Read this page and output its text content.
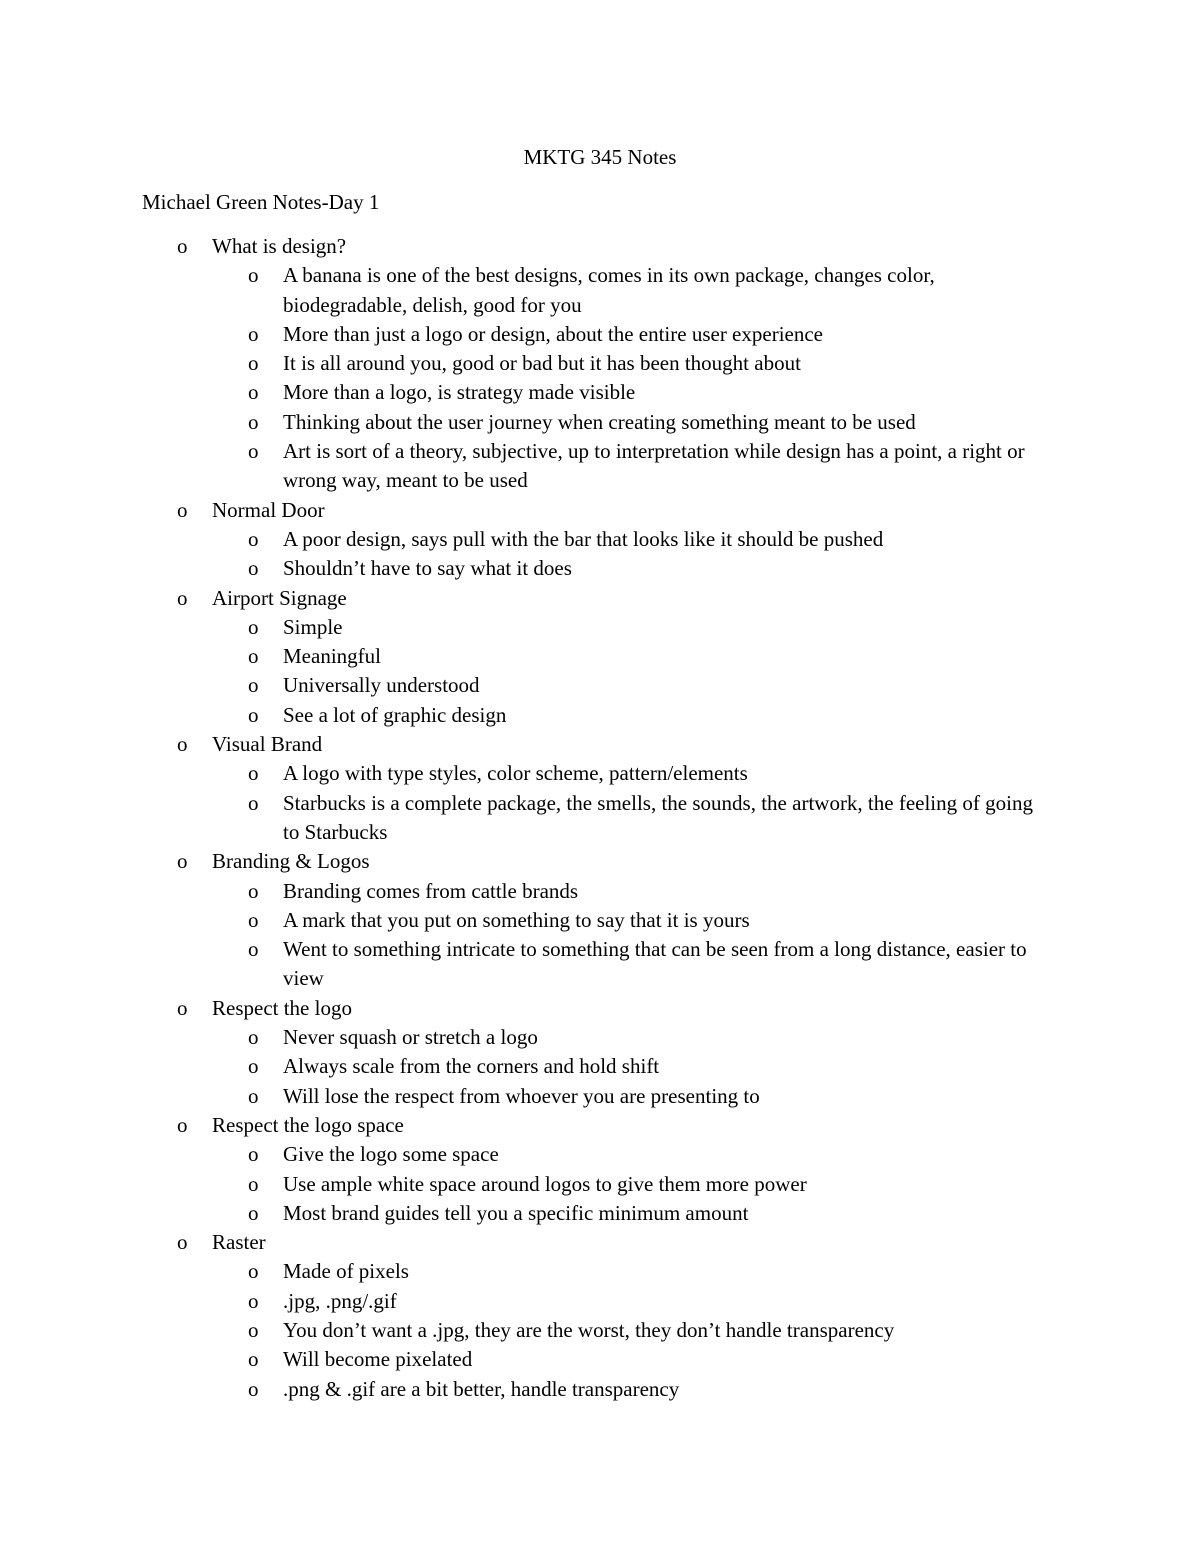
MKTG 345 Notes
Michael Green Notes-Day 1
o What is design?
o A banana is one of the best designs, comes in its own package, changes color, biodegradable, delish, good for you
o More than just a logo or design, about the entire user experience
o It is all around you, good or bad but it has been thought about
o More than a logo, is strategy made visible
o Thinking about the user journey when creating something meant to be used
o Art is sort of a theory, subjective, up to interpretation while design has a point, a right or wrong way, meant to be used
o Normal Door
o A poor design, says pull with the bar that looks like it should be pushed
o Shouldn’t have to say what it does
o Airport Signage
o Simple
o Meaningful
o Universally understood
o See a lot of graphic design
o Visual Brand
o A logo with type styles, color scheme, pattern/elements
o Starbucks is a complete package, the smells, the sounds, the artwork, the feeling of going to Starbucks
o Branding & Logos
o Branding comes from cattle brands
o A mark that you put on something to say that it is yours
o Went to something intricate to something that can be seen from a long distance, easier to view
o Respect the logo
o Never squash or stretch a logo
o Always scale from the corners and hold shift
o Will lose the respect from whoever you are presenting to
o Respect the logo space
o Give the logo some space
o Use ample white space around logos to give them more power
o Most brand guides tell you a specific minimum amount
o Raster
o Made of pixels
o .jpg, .png/.gif
o You don’t want a .jpg, they are the worst, they don’t handle transparency
o Will become pixelated
o .png & .gif are a bit better, handle transparency
